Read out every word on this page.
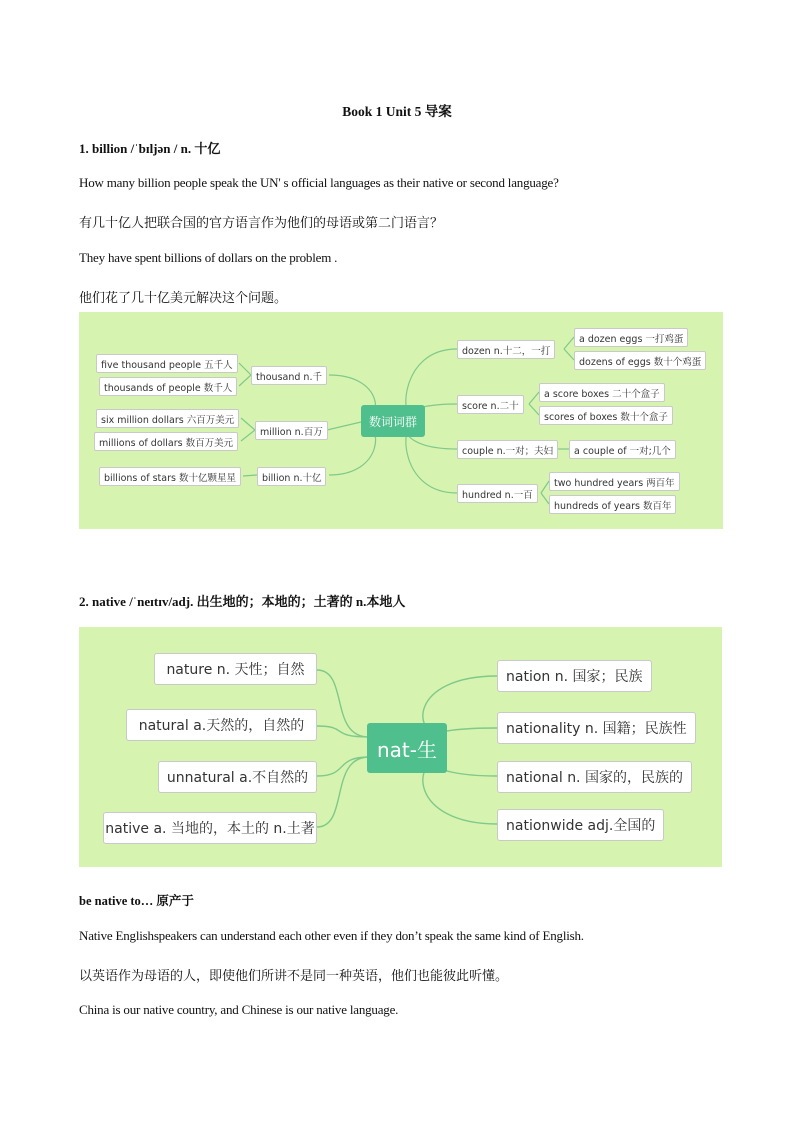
Book 1 Unit 5 导案
1. billion /ˈbɪljən / n. 十亿
How many billion people speak the UN' s official languages as their native or second language?
有几十亿人把联合国的官方语言作为他们的母语或第二门语言？
They have spent billions of dollars on the problem .
他们花了几十亿美元解决这个问题。
数词词群
thousand n.千
five thousand people 五千人
thousands of people 数千人
million n.百万
six million dollars 六百万美元
millions of dollars 数百万美元
billion n.十亿
billions of stars 数十亿颗星星
dozen n.十二，一打
a dozen eggs 一打鸡蛋
dozens of eggs 数十个鸡蛋
score n.二十
a score boxes 二十个盒子
scores of boxes 数十个盒子
couple n.一对；夫妇	a couple of 一对;几个
hundred n.一百
two hundred years 两百年
hundreds of years 数百年
2. native /ˈneɪtɪv/adj. 出生地的；本地的；土著的 n.本地人
nat-生
nature n. 天性；自然
natural a.天然的，自然的
unnatural a.不自然的
native a. 当地的，本土的 n.土著
nation n. 国家；民族
nationality n. 国籍；民族性
national n. 国家的，民族的
nationwide adj.全国的
be native to… 原产于
Native Englishspeakers can understand each other even if they don’t speak the same kind of English.
以英语作为母语的人，即使他们所讲不是同一种英语，他们也能彼此听懂。
China is our native country, and Chinese is our native language.
